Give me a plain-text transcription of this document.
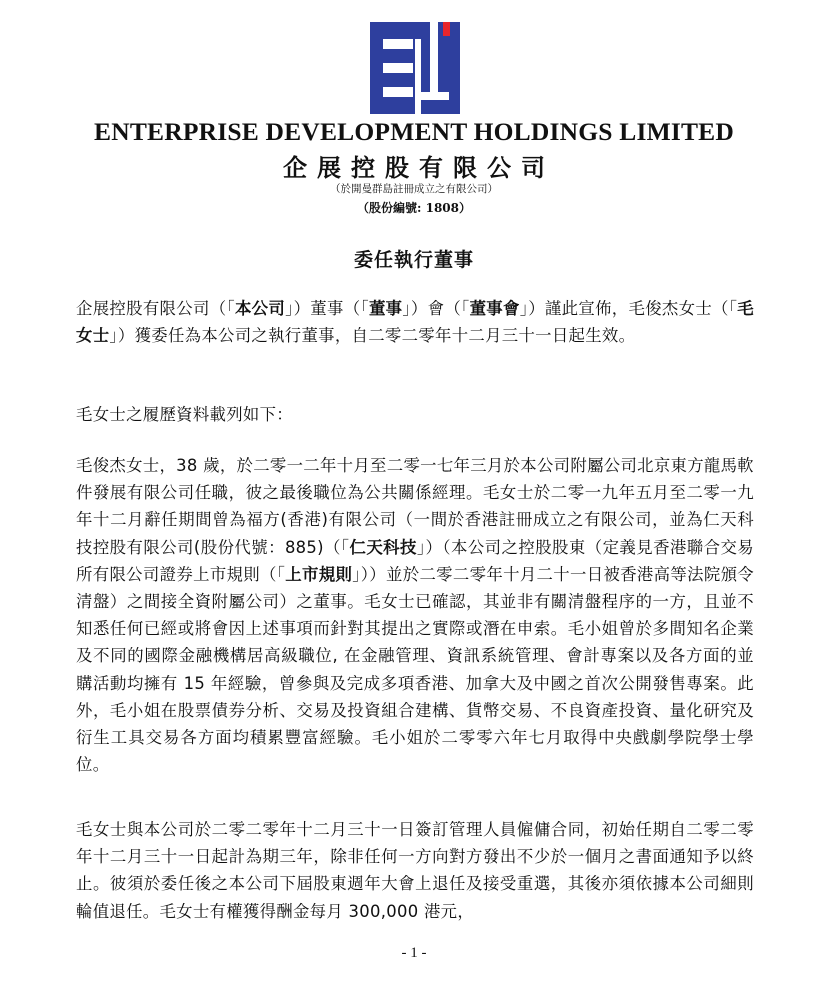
ENTERPRISE DEVELOPMENT HOLDINGS LIMITED
企展控股有限公司
（於開曼群島註冊成立之有限公司）
（股份編號: 1808）
委任執行董事
企展控股有限公司（「本公司」）董事（「董事」）會（「董事會」）謹此宣佈，毛俊杰女士（「毛女士」）獲委任為本公司之執行董事，自二零二零年十二月三十一日起生效。
毛女士之履歷資料載列如下：
毛俊杰女士，38 歲，於二零一二年十月至二零一七年三月於本公司附屬公司北京東方龍馬軟件發展有限公司任職，彼之最後職位為公共關係經理。毛女士於二零一九年五月至二零一九年十二月辭任期間曾為福方(香港)有限公司（一間於香港註冊成立之有限公司，並為仁天科技控股有限公司(股份代號：885)（「仁天科技」）（本公司之控股股東（定義見香港聯合交易所有限公司證券上市規則（「上市規則」））並於二零二零年十月二十一日被香港高等法院頒令清盤）之間接全資附屬公司）之董事。毛女士已確認，其並非有關清盤程序的一方，且並不知悉任何已經或將會因上述事項而針對其提出之實際或潛在申索。毛小姐曾於多間知名企業及不同的國際金融機構居高級職位, 在金融管理、資訊系統管理、會計專案以及各方面的並購活動均擁有 15 年經驗，曾參與及完成多項香港、加拿大及中國之首次公開發售專案。此外，毛小姐在股票債券分析、交易及投資組合建構、貨幣交易、不良資產投資、量化研究及衍生工具交易各方面均積累豐富經驗。毛小姐於二零零六年七月取得中央戲劇學院學士學位。
毛女士與本公司於二零二零年十二月三十一日簽訂管理人員僱傭合同，初始任期自二零二零年十二月三十一日起計為期三年，除非任何一方向對方發出不少於一個月之書面通知予以終止。彼須於委任後之本公司下屆股東週年大會上退任及接受重選，其後亦須依據本公司細則輪值退任。毛女士有權獲得酬金每月 300,000 港元，
- 1 -
